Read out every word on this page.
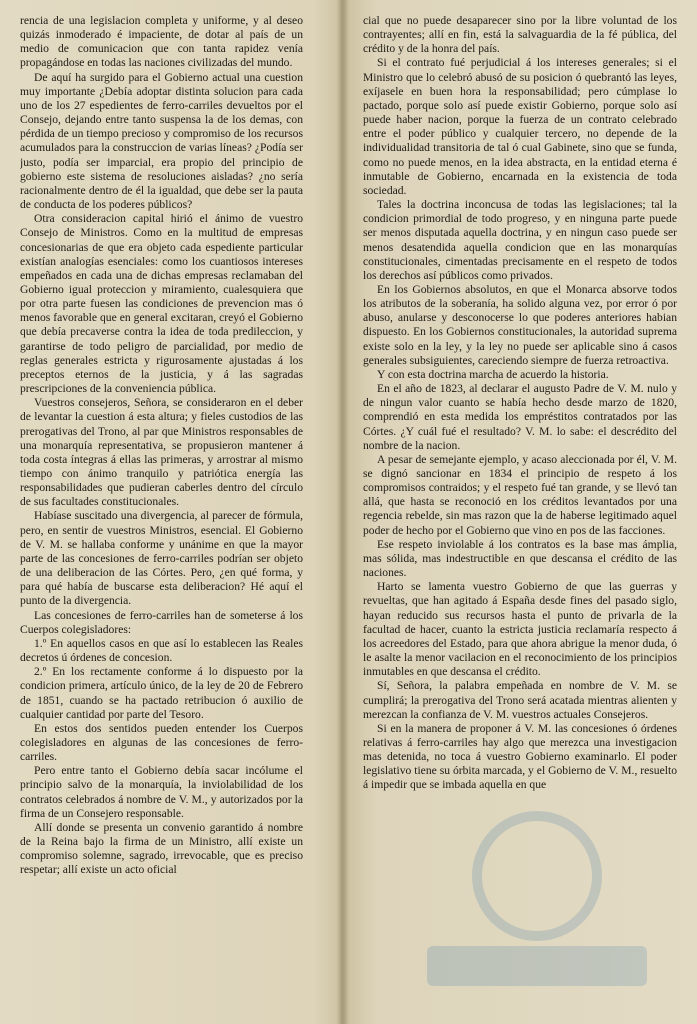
rencia de una legislacion completa y uniforme, y al deseo quizás inmoderado é impaciente, de dotar al país de un medio de comunicacion que con tanta rapidez venía propagándose en todas las naciones civilizadas del mundo.

De aquí ha surgido para el Gobierno actual una cuestion muy importante ¿Debía adoptar distinta solucion para cada uno de los 27 espedientes de ferro-carriles devueltos por el Consejo, dejando entre tanto suspensa la de los demas, con pérdida de un tiempo precioso y compromiso de los recursos acumulados para la construccion de varias líneas? ¿Podía ser justo, podía ser imparcial, era propio del principio de gobierno este sistema de resoluciones aisladas? ¿no sería racionalmente dentro de él la igualdad, que debe ser la pauta de conducta de los poderes públicos?

Otra consideracion capital hirió el ánimo de vuestro Consejo de Ministros. Como en la multitud de empresas concesionarias de que era objeto cada espediente particular existían analogías esenciales: como los cuantiosos intereses empeñados en cada una de dichas empresas reclamaban del Gobierno igual proteccion y miramiento, cualesquiera que por otra parte fuesen las condiciones de prevencion mas ó menos favorable que en general excitaran, creyó el Gobierno que debía precaverse contra la idea de toda predileccion, y garantirse de todo peligro de parcialidad, por medio de reglas generales estricta y rigurosamente ajustadas á los preceptos eternos de la justicia, y á las sagradas prescripciones de la conveniencia pública.

Vuestros consejeros, Señora, se consideraron en el deber de levantar la cuestion á esta altura; y fieles custodios de las prerogativas del Trono, al par que Ministros responsables de una monarquía representativa, se propusieron mantener á toda costa íntegras á ellas las primeras, y arrostrar al mismo tiempo con ánimo tranquilo y patriótica energía las responsabilidades que pudieran caberles dentro del círculo de sus facultades constitucionales.

Habíase suscitado una divergencia, al parecer de fórmula, pero, en sentir de vuestros Ministros, esencial. El Gobierno de V. M. se hallaba conforme y unánime en que la mayor parte de las concesiones de ferro-carriles podrían ser objeto de una deliberacion de las Córtes. Pero, ¿en qué forma, y para qué había de buscarse esta deliberacion? Hé aquí el punto de la divergencia.

Las concesiones de ferro-carriles han de someterse á los Cuerpos colegisladores:

1.º En aquellos casos en que así lo establecen las Reales decretos ú órdenes de concesion.

2.º En los rectamente conforme á lo dispuesto por la condicion primera, artículo único, de la ley de 20 de Febrero de 1851, cuando se ha pactado retribucion ó auxilio de cualquier cantidad por parte del Tesoro.

En estos dos sentidos pueden entender los Cuerpos colegisladores en algunas de las concesiones de ferro-carriles.

Pero entre tanto el Gobierno debía sacar incólume el principio salvo de la monarquía, la inviolabilidad de los contratos celebrados á nombre de V. M., y autorizados por la firma de un Consejero responsable.

Allí donde se presenta un convenio garantido á nombre de la Reina bajo la firma de un Ministro, allí existe un compromiso solemne, sagrado, irrevocable, que es preciso respetar; allí existe un acto oficial

cial que no puede desaparecer sino por la libre voluntad de los contrayentes; allí en fin, está la salvaguardia de la fé pública, del crédito y de la honra del país.

Si el contrato fué perjudicial á los intereses generales; si el Ministro que lo celebró abusó de su posicion ó quebrantó las leyes, exíjasele en buen hora la responsabilidad; pero cúmplase lo pactado, porque solo así puede existir Gobierno, porque solo así puede haber nacion, porque la fuerza de un contrato celebrado entre el poder público y cualquier tercero, no depende de la individualidad transitoria de tal ó cual Gabinete, sino que se funda, como no puede menos, en la idea abstracta, en la entidad eterna é inmutable de Gobierno, encarnada en la existencia de toda sociedad.

Tales la doctrina inconcusa de todas las legislaciones; tal la condicion primordial de todo progreso, y en ninguna parte puede ser menos disputada aquella doctrina, y en ningun caso puede ser menos desatendida aquella condicion que en las monarquías constitucionales, cimentadas precisamente en el respeto de todos los derechos así públicos como privados.

En los Gobiernos absolutos, en que el Monarca absorve todos los atributos de la soberanía, ha solido alguna vez, por error ó por abuso, anularse y desconocerse lo que poderes anteriores habian dispuesto. En los Gobiernos constitucionales, la autoridad suprema existe solo en la ley, y la ley no puede ser aplicable sino á casos generales subsiguientes, careciendo siempre de fuerza retroactiva.

Y con esta doctrina marcha de acuerdo la historia.

En el año de 1823, al declarar el augusto Padre de V. M. nulo y de ningun valor cuanto se había hecho desde marzo de 1820, comprendió en esta medida los empréstitos contratados por las Córtes. ¿Y cuál fué el resultado? V. M. lo sabe: el descrédito del nombre de la nacion.

A pesar de semejante ejemplo, y acaso aleccionada por él, V. M. se dignó sancionar en 1834 el principio de respeto á los compromisos contraidos; y el respeto fué tan grande, y se llevó tan allá, que hasta se reconoció en los créditos levantados por una regencia rebelde, sin mas razon que la de haberse legitimado aquel poder de hecho por el Gobierno que vino en pos de las facciones.

Ese respeto inviolable á los contratos es la base mas ámplia, mas sólida, mas indestructible en que descansa el crédito de las naciones.

Harto se lamenta vuestro Gobierno de que las guerras y revueltas, que han agitado á España desde fines del pasado siglo, hayan reducido sus recursos hasta el punto de privarla de la facultad de hacer, cuanto la estricta justicia reclamaría respecto á los acreedores del Estado, para que ahora abrigue la menor duda, ó le asalte la menor vacilacion en el reconocimiento de los principios inmutables en que descansa el crédito.

Sí, Señora, la palabra empeñada en nombre de V. M. se cumplirá; la prerogativa del Trono será acatada mientras alienten y merezcan la confianza de V. M. vuestros actuales Consejeros.

Si en la manera de proponer á V. M. las concesiones ó órdenes relativas á ferro-carriles hay algo que merezca una investigacion mas detenida, no toca á vuestro Gobierno examinarlo. El poder legislativo tiene su órbita marcada, y el Gobierno de V. M., resuelto á impedir que se imbada aquella en que
